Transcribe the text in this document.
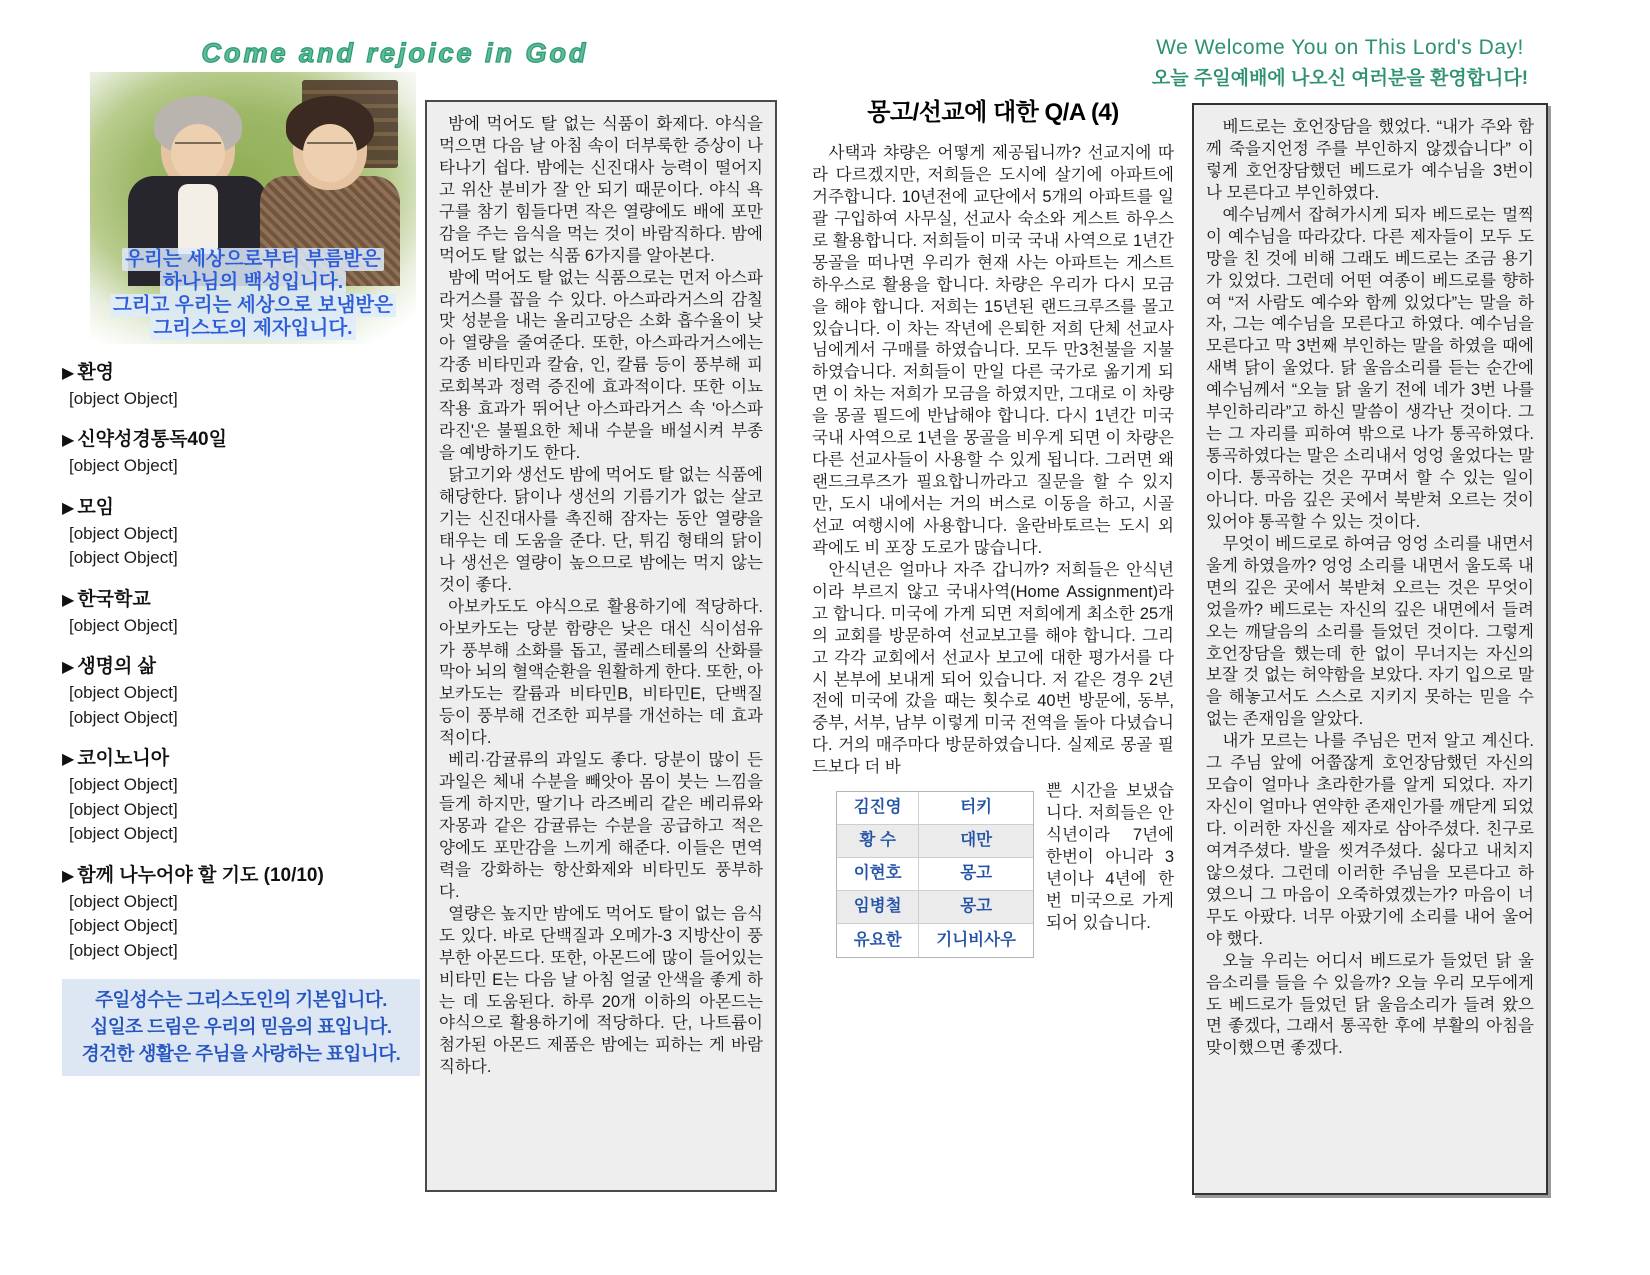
Come and rejoice in God	We Welcome You on This Lord's Day!
오늘 주일예배에 나오신 여러분을 환영합니다!
우리는 세상으로부터 부름받은
하나님의 백성입니다.
그리고 우리는 세상으로 보냄받은
그리스도의 제자입니다.
▶ 환영
[object Object]
▶ 신약성경통독40일
[object Object]
▶ 모임
[object Object]
[object Object]
▶ 한국학교
[object Object]
▶ 생명의 삶
[object Object]
[object Object]
▶ 코이노니아
[object Object]
[object Object]
[object Object]
▶ 함께 나누어야 할 기도 (10/10)
[object Object]
[object Object]
[object Object]
주일성수는 그리스도인의 기본입니다.
십일조 드림은 우리의 믿음의 표입니다.
경건한 생활은 주님을 사랑하는 표입니다.

밤에 먹어도 탈 없는 식품이 화제다. 야식을 먹으면 다음 날 아침 속이 더부룩한 증상이 나타나기 쉽다. 밤에는 신진대사 능력이 떨어지고 위산 분비가 잘 안 되기 때문이다. 야식 욕구를 참기 힘들다면 작은 열량에도 배에 포만감을 주는 음식을 먹는 것이 바람직하다. 밤에 먹어도 탈 없는 식품 6가지를 알아본다.

밤에 먹어도 탈 없는 식품으로는 먼저 아스파라거스를 꼽을 수 있다. 아스파라거스의 감칠맛 성분을 내는 올리고당은 소화 흡수율이 낮아 열량을 줄여준다. 또한, 아스파라거스에는 각종 비타민과 칼슘, 인, 칼륨 등이 풍부해 피로회복과 정력 증진에 효과적이다. 또한 이뇨작용 효과가 뛰어난 아스파라거스 속 '아스파라진'은 불필요한 체내 수분을 배설시켜 부종을 예방하기도 한다.

닭고기와 생선도 밤에 먹어도 탈 없는 식품에 해당한다. 닭이나 생선의 기름기가 없는 살코기는 신진대사를 촉진해 잠자는 동안 열량을 태우는 데 도움을 준다. 단, 튀김 형태의 닭이나 생선은 열량이 높으므로 밤에는 먹지 않는 것이 좋다.

아보카도도 야식으로 활용하기에 적당하다. 아보카도는 당분 함량은 낮은 대신 식이섬유가 풍부해 소화를 돕고, 콜레스테롤의 산화를 막아 뇌의 혈액순환을 원활하게 한다. 또한, 아보카도는 칼륨과 비타민B, 비타민E, 단백질 등이 풍부해 건조한 피부를 개선하는 데 효과적이다.

베리·감귤류의 과일도 좋다. 당분이 많이 든 과일은 체내 수분을 빼앗아 몸이 붓는 느낌을 들게 하지만, 딸기나 라즈베리 같은 베리류와 자몽과 같은 감귤류는 수분을 공급하고 적은 양에도 포만감을 느끼게 해준다. 이들은 면역력을 강화하는 항산화제와 비타민도 풍부하다.

열량은 높지만 밤에도 먹어도 탈이 없는 음식도 있다. 바로 단백질과 오메가-3 지방산이 풍부한 아몬드다. 또한, 아몬드에 많이 들어있는 비타민 E는 다음 날 아침 얼굴 안색을 좋게 하는 데 도움된다. 하루 20개 이하의 아몬드는 야식으로 활용하기에 적당하다. 단, 나트륨이 첨가된 아몬드 제품은 밤에는 피하는 게 바람직하다.

몽고/선교에 대한 Q/A (4)

사택과 챠량은 어떻게 제공됩니까? 선교지에 따라 다르겠지만, 저희들은 도시에 살기에 아파트에 거주합니다. 10년전에 교단에서 5개의 아파트를 일괄 구입하여 사무실, 선교사 숙소와 게스트 하우스로 활용합니다. 저희들이 미국 국내 사역으로 1년간 몽골을 떠나면 우리가 현재 사는 아파트는 게스트 하우스로 활용을 합니다. 차량은 우리가 다시 모금을 해야 합니다. 저희는 15년된 랜드크루즈를 몰고 있습니다. 이 차는 작년에 은퇴한 저희 단체 선교사님에게서 구매를 하였습니다. 모두 만3천불을 지불하였습니다. 저희들이 만일 다른 국가로 옮기게 되면 이 차는 저희가 모금을 하였지만, 그대로 이 차량을 몽골 필드에 반납해야 합니다. 다시 1년간 미국 국내 사역으로 1년을 몽골을 비우게 되면 이 차량은 다른 선교사들이 사용할 수 있게 됩니다. 그러면 왜 랜드크루즈가 필요합니까라고 질문을 할 수 있지만, 도시 내에서는 거의 버스로 이동을 하고, 시골 선교 여행시에 사용합니다. 울란바토르는 도시 외곽에도 비 포장 도로가 많습니다.

안식년은 얼마나 자주 갑니까? 저희들은 안식년이라 부르지 않고 국내사역(Home Assignment)라고 합니다. 미국에 가게 되면 저희에게 최소한 25개의 교회를 방문하여 선교보고를 해야 합니다. 그리고 각각 교회에서 선교사 보고에 대한 평가서를 다시 본부에 보내게 되어 있습니다. 저 같은 경우 2년 전에 미국에 갔을 때는 횟수로 40번 방문에, 동부, 중부, 서부, 남부 이렇게 미국 전역을 돌아 다녔습니다. 거의 매주마다 방문하였습니다. 실제로 몽골 필드보다 더 바

김진영	터키
황 수	대만
이현호	몽고
임병철	몽고
유요한	기니비사우
쁜 시간을 보냈습니다. 저희들은 안식년이라 7년에 한번이 아니라 3년이나 4년에 한번 미국으로 가게 되어 있습니다.

베드로는 호언장담을 했었다. “내가 주와 함께 죽을지언정 주를 부인하지 않겠습니다” 이렇게 호언장담했던 베드로가 예수님을 3번이나 모른다고 부인하였다.

예수님께서 잡혀가시게 되자 베드로는 멀찍이 예수님을 따라갔다. 다른 제자들이 모두 도망을 친 것에 비해 그래도 베드로는 조금 용기가 있었다. 그런데 어떤 여종이 베드로를 향하여 “저 사람도 예수와 함께 있었다”는 말을 하자, 그는 예수님을 모른다고 하였다. 예수님을 모른다고 막 3번째 부인하는 말을 하였을 때에 새벽 닭이 울었다. 닭 울음소리를 듣는 순간에 예수님께서 “오늘 닭 울기 전에 네가 3번 나를 부인하리라”고 하신 말씀이 생각난 것이다. 그는 그 자리를 피하여 밖으로 나가 통곡하였다. 통곡하였다는 말은 소리내서 엉엉 울었다는 말이다. 통곡하는 것은 꾸며서 할 수 있는 일이 아니다. 마음 깊은 곳에서 북받쳐 오르는 것이 있어야 통곡할 수 있는 것이다.

무엇이 베드로로 하여금 엉엉 소리를 내면서 울게 하였을까? 엉엉 소리를 내면서 울도록 내면의 깊은 곳에서 북받쳐 오르는 것은 무엇이었을까? 베드로는 자신의 깊은 내면에서 들려오는 깨달음의 소리를 들었던 것이다. 그렇게 호언장담을 했는데 한 없이 무너지는 자신의 보잘 것 없는 허약함을 보았다. 자기 입으로 말을 해놓고서도 스스로 지키지 못하는 믿을 수 없는 존재임을 알았다.

내가 모르는 나를 주님은 먼저 알고 계신다. 그 주님 앞에 어쭙잖게 호언장담했던 자신의 모습이 얼마나 초라한가를 알게 되었다. 자기 자신이 얼마나 연약한 존재인가를 깨닫게 되었다. 이러한 자신을 제자로 삼아주셨다. 친구로 여겨주셨다. 발을 씻겨주셨다. 싫다고 내치지 않으셨다. 그런데 이러한 주님을 모른다고 하였으니 그 마음이 오죽하였겠는가? 마음이 너무도 아팠다. 너무 아팠기에 소리를 내어 울어야 했다.

오늘 우리는 어디서 베드로가 들었던 닭 울음소리를 들을 수 있을까? 오늘 우리 모두에게도 베드로가 들었던 닭 울음소리가 들려 왔으면 좋겠다, 그래서 통곡한 후에 부활의 아침을 맞이했으면 좋겠다.
